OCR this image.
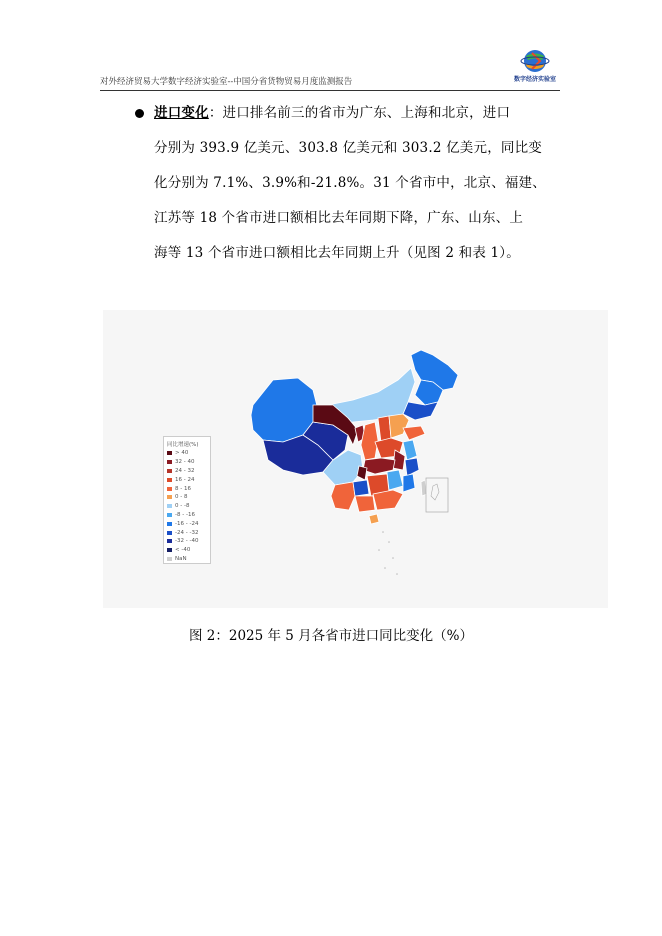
对外经济贸易大学数字经济实验室--中国分省货物贸易月度监测报告	数字经济实验室
进口变化：进口排名前三的省市为广东、上海和北京，进口
分别为 393.9 亿美元、303.8 亿美元和 303.2 亿美元，同比变
化分别为 7.1%、3.9%和-21.8%。31 个省市中，北京、福建、
江苏等 18 个省市进口额相比去年同期下降，广东、山东、上
海等 13 个省市进口额相比去年同期上升（见图 2 和表 1）。
同比增速(%)
> 40
32 - 40
24 - 32
16 - 24
8 - 16
0 - 8
0 - -8
-8 - -16
-16 - -24
-24 - -32
-32 - -40
< -40
NaN
图 2：2025 年 5 月各省市进口同比变化（%）
